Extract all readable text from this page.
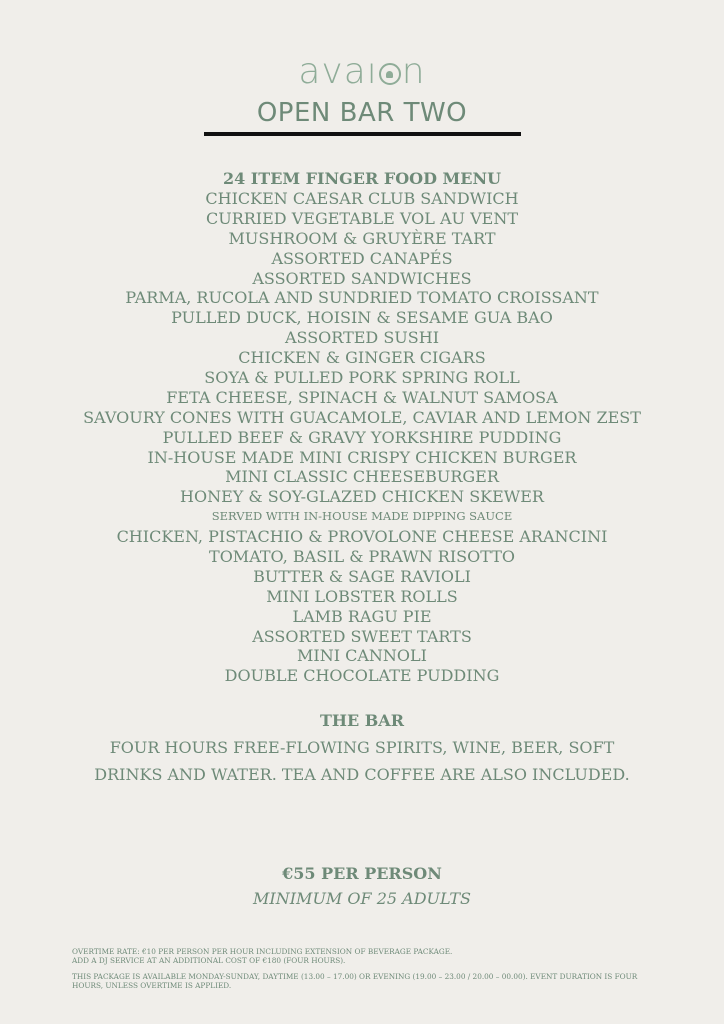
avaı n
OPEN BAR TWO
24 ITEM FINGER FOOD MENU
CHICKEN CAESAR CLUB SANDWICH
CURRIED VEGETABLE VOL AU VENT
MUSHROOM & GRUYÈRE TART
ASSORTED CANAPÉS
ASSORTED SANDWICHES
PARMA, RUCOLA AND SUNDRIED TOMATO CROISSANT
PULLED DUCK, HOISIN & SESAME GUA BAO
ASSORTED SUSHI
CHICKEN & GINGER CIGARS
SOYA & PULLED PORK SPRING ROLL
FETA CHEESE, SPINACH & WALNUT SAMOSA
SAVOURY CONES WITH GUACAMOLE, CAVIAR AND LEMON ZEST
PULLED BEEF & GRAVY YORKSHIRE PUDDING
IN-HOUSE MADE MINI CRISPY CHICKEN BURGER
MINI CLASSIC CHEESEBURGER
HONEY & SOY-GLAZED CHICKEN SKEWER
SERVED WITH IN-HOUSE MADE DIPPING SAUCE
CHICKEN, PISTACHIO & PROVOLONE CHEESE ARANCINI
TOMATO, BASIL & PRAWN RISOTTO
BUTTER & SAGE RAVIOLI
MINI LOBSTER ROLLS
LAMB RAGU PIE
ASSORTED SWEET TARTS
MINI CANNOLI
DOUBLE CHOCOLATE PUDDING
THE BAR
FOUR HOURS FREE-FLOWING SPIRITS, WINE, BEER, SOFT DRINKS AND WATER. TEA AND COFFEE ARE ALSO INCLUDED.
€55 PER PERSON
MINIMUM OF 25 ADULTS

OVERTIME RATE: €10 PER PERSON PER HOUR INCLUDING EXTENSION OF BEVERAGE PACKAGE.

ADD A DJ SERVICE AT AN ADDITIONAL COST OF €180 (FOUR HOURS).

THIS PACKAGE IS AVAILABLE MONDAY-SUNDAY, DAYTIME (13.00 – 17.00) OR EVENING (19.00 – 23.00 / 20.00 – 00.00). EVENT DURATION IS FOUR HOURS, UNLESS OVERTIME IS APPLIED.
